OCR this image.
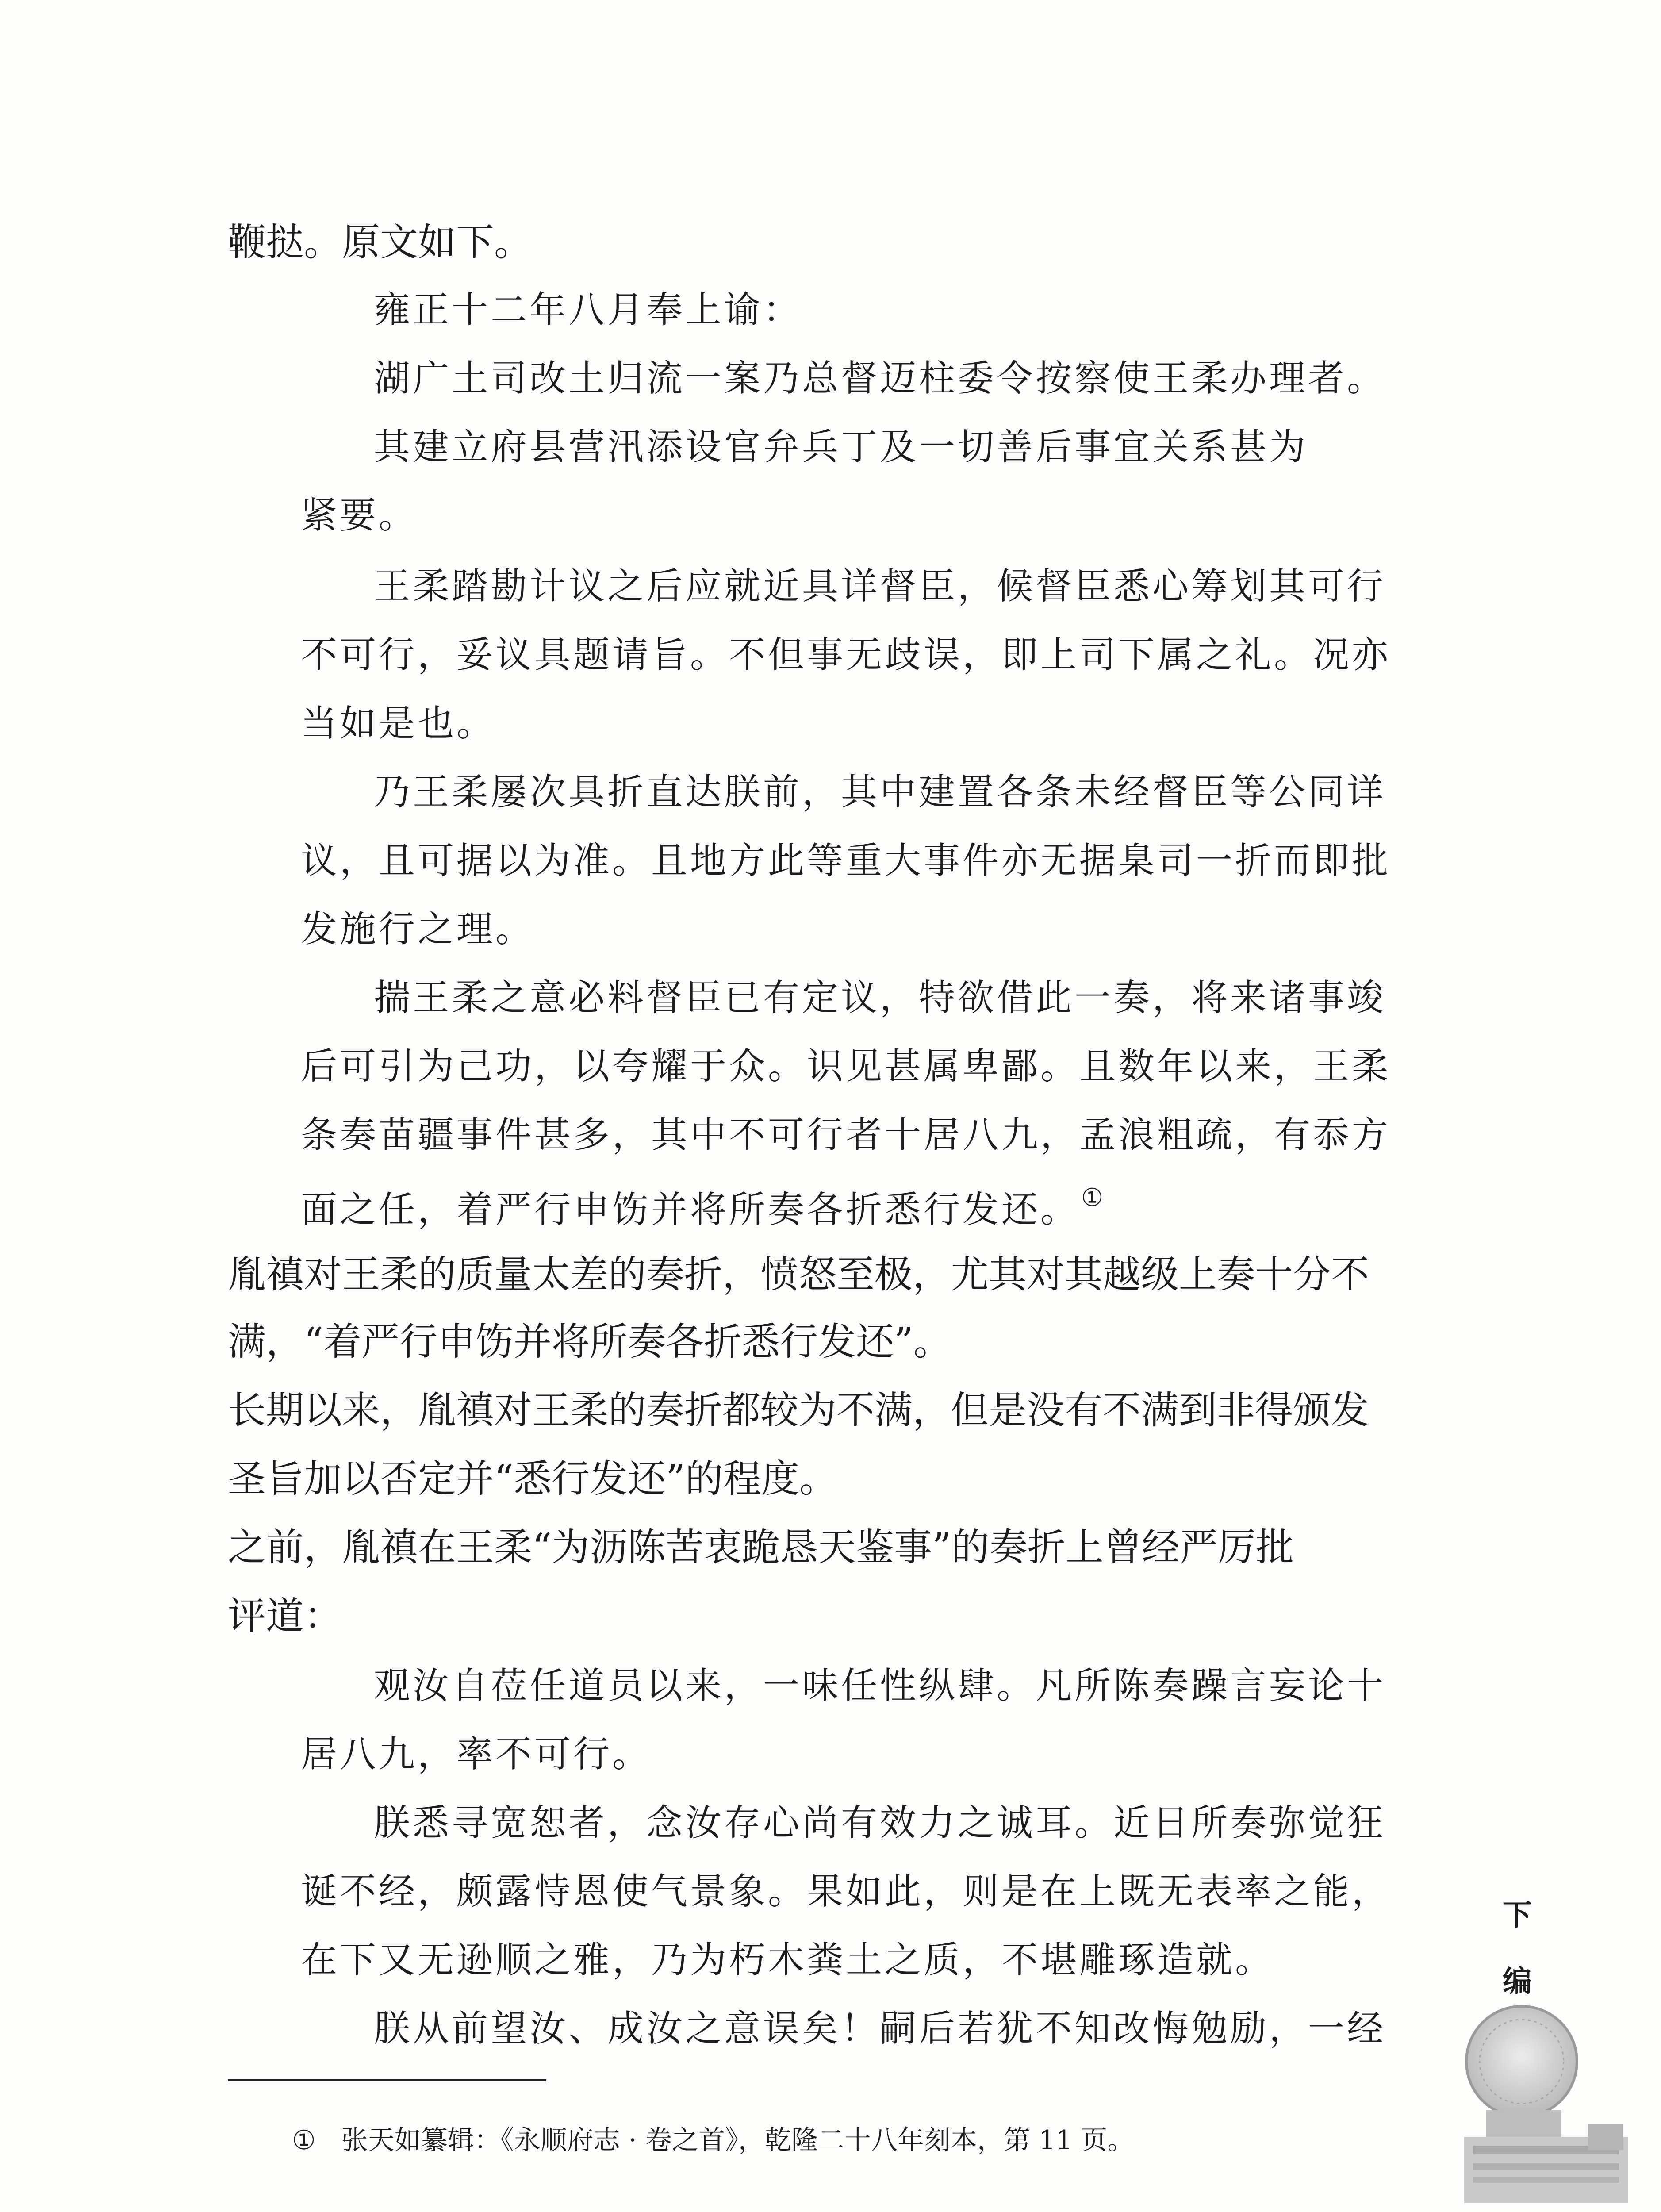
鞭挞。原文如下。
雍正十二年八月奉上谕：
湖广土司改土归流一案乃总督迈柱委令按察使王柔办理者。
其建立府县营汛添设官弁兵丁及一切善后事宜关系甚为
紧要。
王柔踏勘计议之后应就近具详督臣，候督臣悉心筹划其可行
不可行，妥议具题请旨。不但事无歧误，即上司下属之礼。况亦
当如是也。
乃王柔屡次具折直达朕前，其中建置各条未经督臣等公同详
议，且可据以为准。且地方此等重大事件亦无据臬司一折而即批
发施行之理。
揣王柔之意必料督臣已有定议，特欲借此一奏，将来诸事竣
后可引为己功，以夸耀于众。识见甚属卑鄙。且数年以来，王柔
条奏苗疆事件甚多，其中不可行者十居八九，孟浪粗疏，有忝方
面之任，着严行申饬并将所奏各折悉行发还。①
胤禛对王柔的质量太差的奏折，愤怒至极，尤其对其越级上奏十分不
满，“着严行申饬并将所奏各折悉行发还”。
长期以来，胤禛对王柔的奏折都较为不满，但是没有不满到非得颁发
圣旨加以否定并“悉行发还”的程度。
之前，胤禛在王柔“为沥陈苦衷跪恳天鉴事”的奏折上曾经严厉批
评道：
观汝自莅任道员以来，一味任性纵肆。凡所陈奏躁言妄论十
居八九，率不可行。
朕悉寻宽恕者，念汝存心尚有效力之诚耳。近日所奏弥觉狂
诞不经，颇露恃恩使气景象。果如此，则是在上既无表率之能，
在下又无逊顺之雅，乃为朽木粪土之质，不堪雕琢造就。
朕从前望汝、成汝之意误矣！嗣后若犹不知改悔勉励，一经
① 张天如纂辑：《永顺府志 · 卷之首》，乾隆二十八年刻本，第 11 页。
下
编
